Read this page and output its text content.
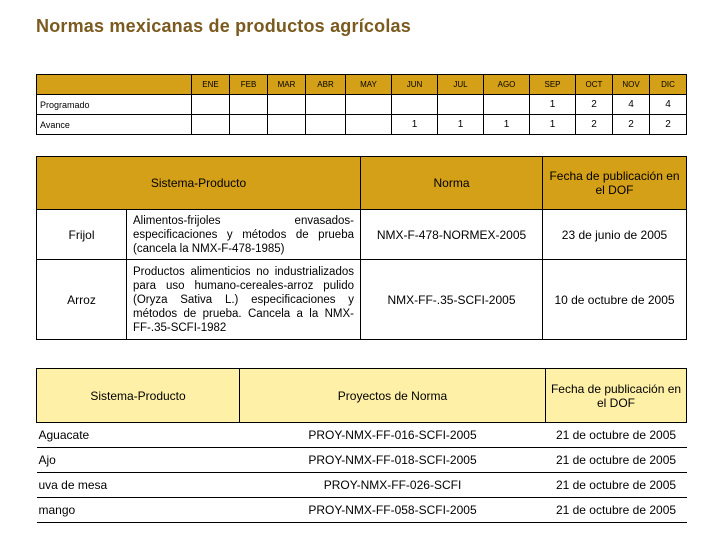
Normas mexicanas de productos agrícolas
		ENE	FEB	MAR	ABR	MAY	JUN	JUL	AGO	SEP	OCT	NOV	DIC
Programado										1	2	4	4
Avance							1	1	1	1	2	2	2
Sistema-Producto		Norma	Fecha de publicación en el DOF
Frijol	Alimentos-frijoles envasados-especificaciones y métodos de prueba (cancela la NMX-F-478-1985)	NMX-F-478-NORMEX-2005	23 de junio de 2005
Arroz	Productos alimenticios no industrializados para uso humano-cereales-arroz pulido (Oryza Sativa L.) especificaciones y métodos de prueba. Cancela a la NMX-FF-.35-SCFI-1982	NMX-FF-.35-SCFI-2005	10 de octubre de 2005
Sistema-Producto	Proyectos de Norma	Fecha de publicación en el DOF
Aguacate	PROY-NMX-FF-016-SCFI-2005	21 de octubre de 2005
Ajo	PROY-NMX-FF-018-SCFI-2005	21 de octubre de 2005
uva de mesa	PROY-NMX-FF-026-SCFI	21 de octubre de 2005
mango	PROY-NMX-FF-058-SCFI-2005	21 de octubre de 2005
